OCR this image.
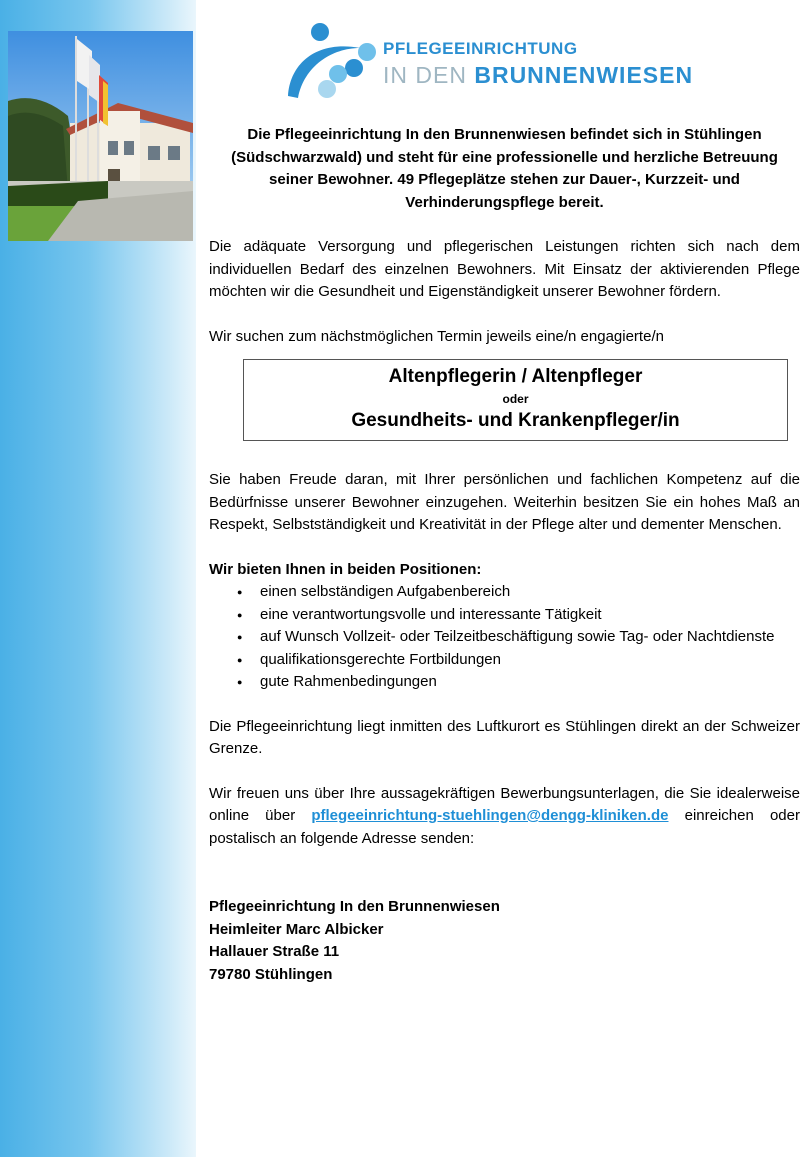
PFLEGEEINRICHTUNG
IN DEN BRUNNENWIESEN

Die Pflegeeinrichtung In den Brunnenwiesen befindet sich in Stühlingen (Südschwarzwald) und steht für eine professionelle und herzliche Betreuung seiner Bewohner. 49 Pflegeplätze stehen zur Dauer-, Kurzzeit- und Verhinderungspflege bereit.

Die adäquate Versorgung und pflegerischen Leistungen richten sich nach dem individuellen Bedarf des einzelnen Bewohners. Mit Einsatz der aktivierenden Pflege möchten wir die Gesundheit und Eigenständigkeit unserer Bewohner fördern.

Wir suchen zum nächstmöglichen Termin jeweils eine/n engagierte/n

Altenpflegerin / Altenpfleger
oder
Gesundheits- und Krankenpfleger/in

Sie haben Freude daran, mit Ihrer persönlichen und fachlichen Kompetenz auf die Bedürfnisse unserer Bewohner einzugehen. Weiterhin besitzen Sie ein hohes Maß an Respekt, Selbstständigkeit und Kreativität in der Pflege alter und dementer Menschen.

Wir bieten Ihnen in beiden Positionen:

● einen selbständigen Aufgabenbereich
● eine verantwortungsvolle und interessante Tätigkeit
● auf Wunsch Vollzeit- oder Teilzeitbeschäftigung sowie Tag- oder Nachtdienste
● qualifikationsgerechte Fortbildungen
● gute Rahmenbedingungen

Die Pflegeeinrichtung liegt inmitten des Luftkurort es Stühlingen direkt an der Schweizer Grenze.

Wir freuen uns über Ihre aussagekräftigen Bewerbungsunterlagen, die Sie idealerweise online über pflegeeinrichtung-stuehlingen@dengg-kliniken.de einreichen oder postalisch an folgende Adresse senden:

Pflegeeinrichtung In den Brunnenwiesen
Heimleiter Marc Albicker
Hallauer Straße 11
79780 Stühlingen
